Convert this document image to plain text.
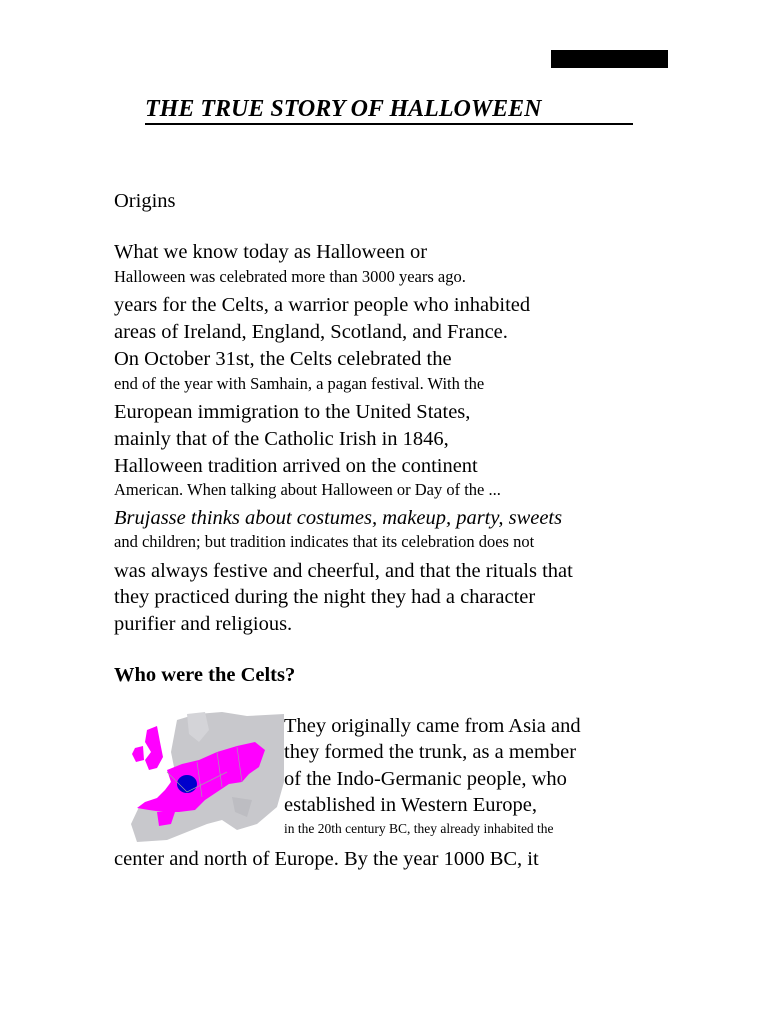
THE TRUE STORY OF HALLOWEEN
Origins
What we know today as Halloween or
Halloween was celebrated more than 3000 years ago.
years for the Celts, a warrior people who inhabited
areas of Ireland, England, Scotland, and France.
On October 31st, the Celts celebrated the
end of the year with Samhain, a pagan festival. With the
European immigration to the United States,
mainly that of the Catholic Irish in 1846,
Halloween tradition arrived on the continent
American. When talking about Halloween or Day of the ...
Brujasse thinks about costumes, makeup, party, sweets
and children; but tradition indicates that its celebration does not
was always festive and cheerful, and that the rituals that
they practiced during the night they had a character
purifier and religious.
Who were the Celts?
They originally came from Asia and
they formed the trunk, as a member
of the Indo-Germanic people, who
established in Western Europe,
in the 20th century BC, they already inhabited the
center and north of Europe. By the year 1000 BC, it
